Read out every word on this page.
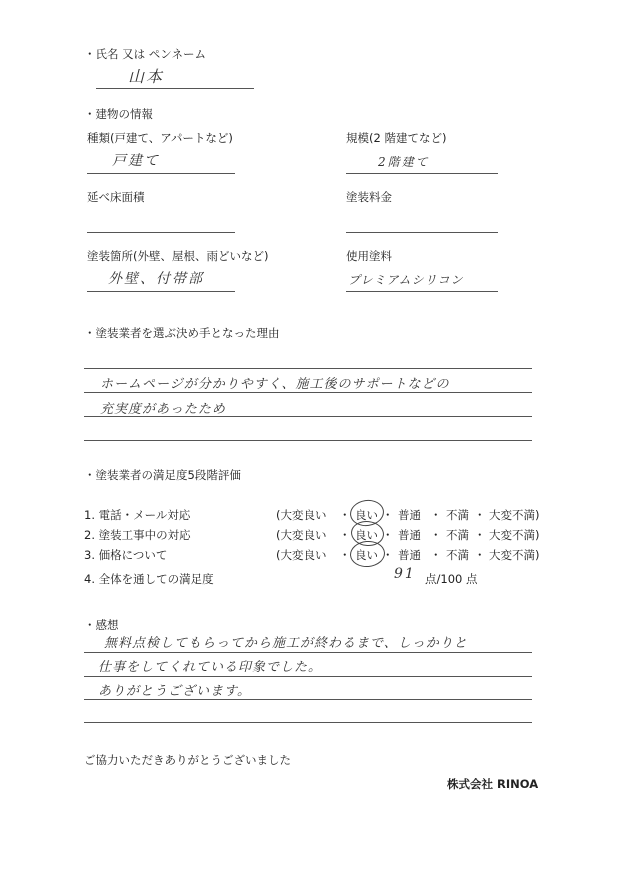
・氏名 又は ペンネーム
山本
・建物の情報
種類(戸建て、アパートなど)
戸建て
規模(2 階建てなど)
2階建て
延べ床面積	塗装料金
塗装箇所(外壁、屋根、雨どいなど)
外壁、付帯部
使用塗料
プレミアムシリコン
・塗装業者を選ぶ決め手となった理由
ホームページが分かりやすく、施工後のサポートなどの
充実度があったため
・塗装業者の満足度5段階評価
1. 電話・メール対応	(大変良い ・ 良い ・ 普通 ・ 不満 ・ 大変不満)
2. 塗装工事中の対応	(大変良い ・ 良い ・ 普通 ・ 不満 ・ 大変不満)
3. 価格について	(大変良い ・ 良い ・ 普通 ・ 不満 ・ 大変不満)
4. 全体を通しての満足度	91 点/100 点
・感想
無料点検してもらってから施工が終わるまで、しっかりと
仕事をしてくれている印象でした。
ありがとうございます。
ご協力いただきありがとうございました
株式会社 RINOA
